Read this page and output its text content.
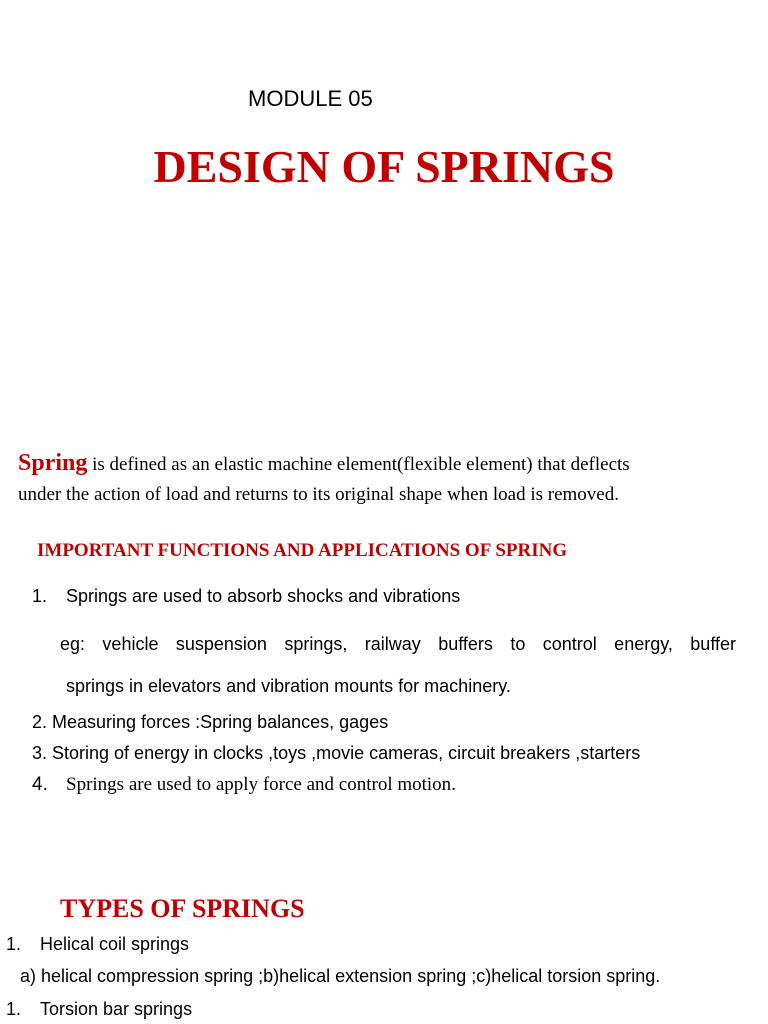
MODULE 05
DESIGN OF SPRINGS
Spring is defined as an elastic machine element(flexible element) that deflects
under the action of load and returns to its original shape when load is removed.
IMPORTANT FUNCTIONS AND APPLICATIONS OF SPRING
1. Springs are used to absorb shocks and vibrations
eg: vehicle suspension springs, railway buffers to control energy, buffer
springs in elevators and vibration mounts for machinery.
2. Measuring forces :Spring balances, gages
3. Storing of energy in clocks ,toys ,movie cameras, circuit breakers ,starters
4. Springs are used to apply force and control motion.
TYPES OF SPRINGS
1. Helical coil springs
a) helical compression spring ;b)helical extension spring ;c)helical torsion spring.
1. Torsion bar springs
